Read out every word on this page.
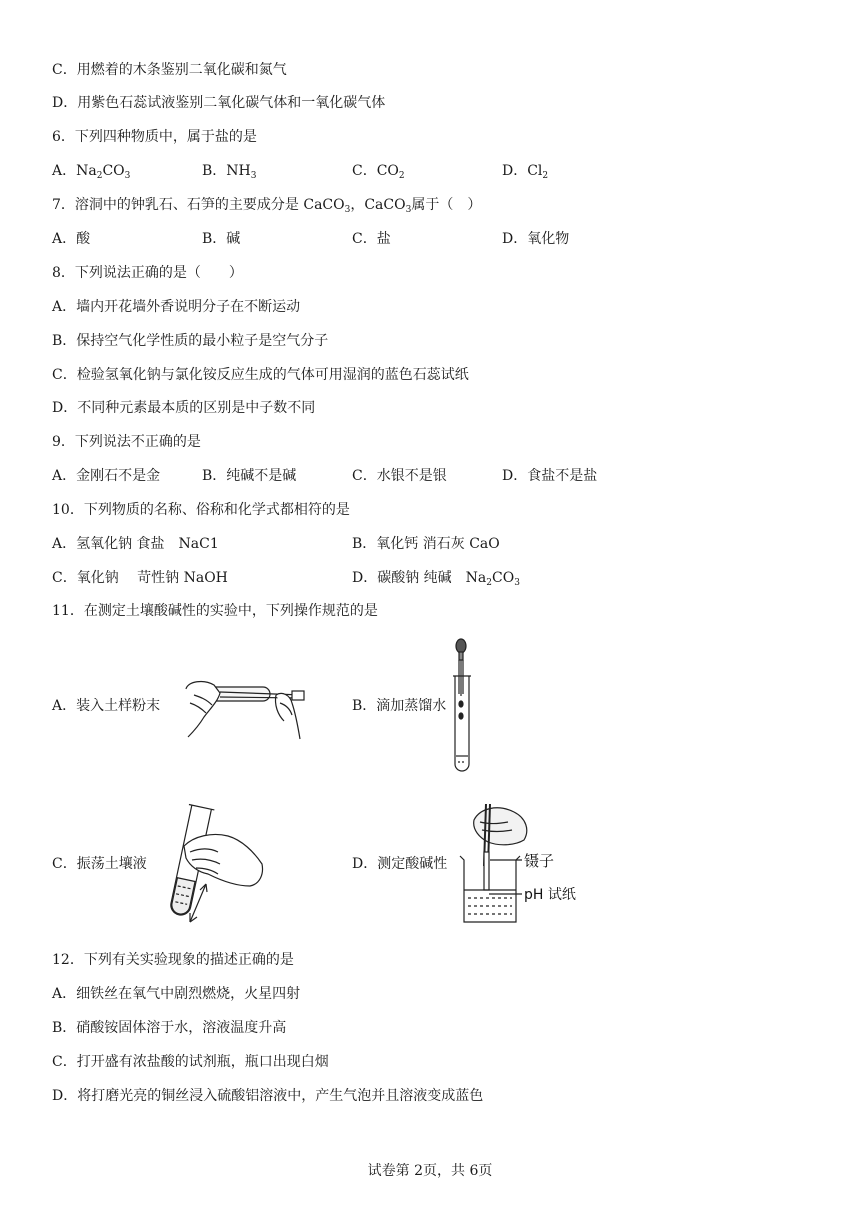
C．用燃着的木条鉴别二氧化碳和氮气
D．用紫色石蕊试液鉴别二氧化碳气体和一氧化碳气体
6．下列四种物质中，属于盐的是
A．$Na_2CO_3$	B．$NH_3$	C．$CO_2$	D．$Cl_2$
7．溶洞中的钟乳石、石笋的主要成分是 CaCO$_3$，CaCO$_3$属于（　）
A．酸	B．碱	C．盐	D．氧化物
8．下列说法正确的是（　　）
A．墙内开花墙外香说明分子在不断运动
B．保持空气化学性质的最小粒子是空气分子
C．检验氢氧化钠与氯化铵反应生成的气体可用湿润的蓝色石蕊试纸
D．不同种元素最本质的区别是中子数不同
9．下列说法不正确的是
A．金刚石不是金	B．纯碱不是碱	C．水银不是银	D．食盐不是盐
10．下列物质的名称、俗称和化学式都相符的是
A．氢氧化钠 食盐　NaC1	B．氧化钙 消石灰 CaO
C．氧化钠　 苛性钠 NaOH	D．碳酸钠 纯碱　$Na_2CO_3$
11．在测定土壤酸碱性的实验中，下列操作规范的是
A．装入土样粉末	B．滴加蒸馏水
C．振荡土壤液	D．测定酸碱性	镊子
pH 试纸
12．下列有关实验现象的描述正确的是
A．细铁丝在氧气中剧烈燃烧，火星四射
B．硝酸铵固体溶于水，溶液温度升高
C．打开盛有浓盐酸的试剂瓶，瓶口出现白烟
D．将打磨光亮的铜丝浸入硫酸铝溶液中，产生气泡并且溶液变成蓝色
试卷第 2页，共 6页
